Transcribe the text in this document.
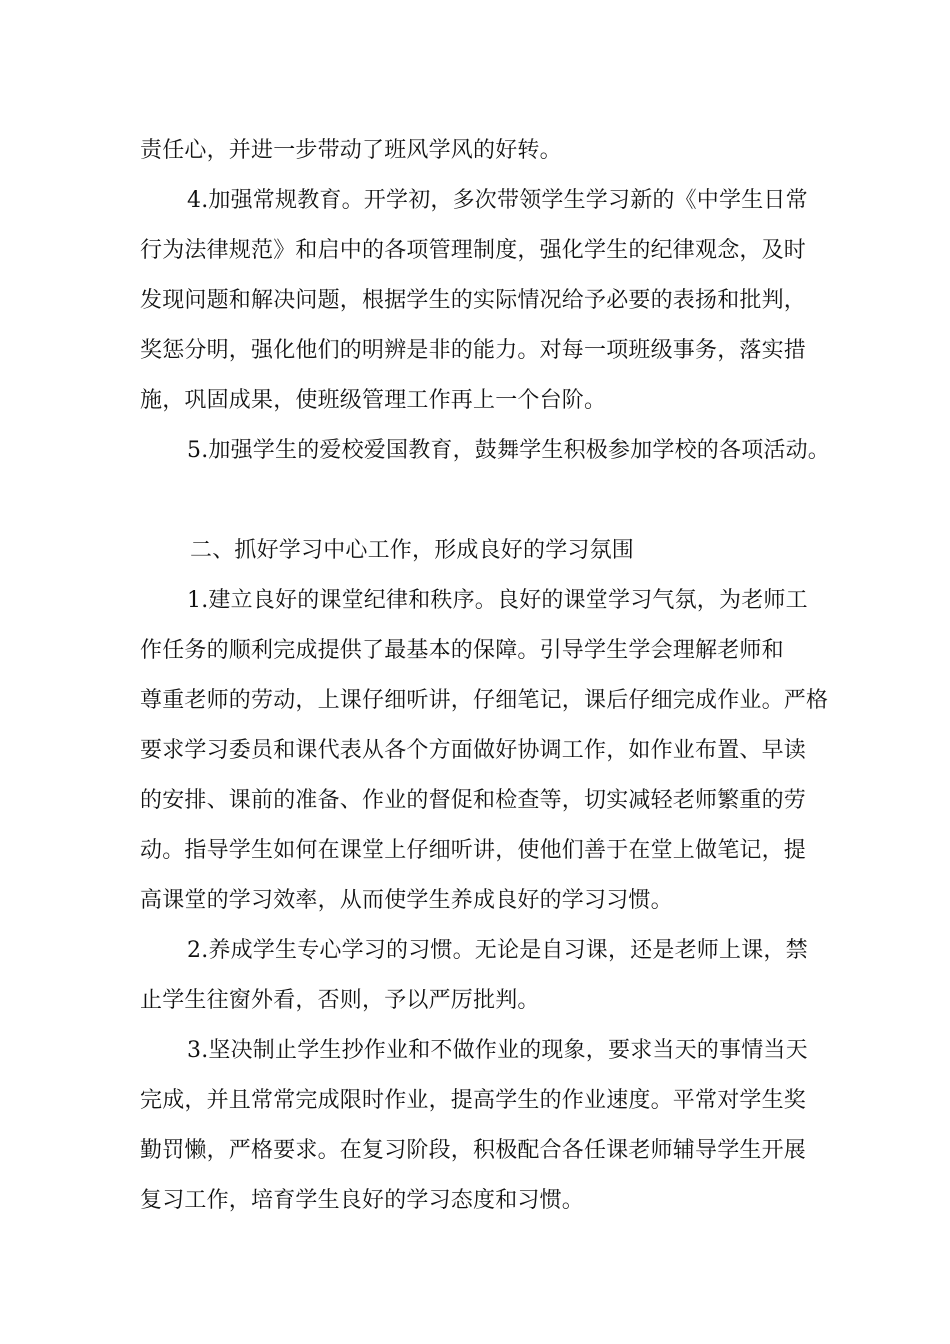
责任心，并进一步带动了班风学风的好转。
4.加强常规教育。开学初，多次带领学生学习新的《中学生日常
行为法律规范》和启中的各项管理制度，强化学生的纪律观念，及时
发现问题和解决问题，根据学生的实际情况给予必要的表扬和批判，
奖惩分明，强化他们的明辨是非的能力。对每一项班级事务，落实措
施，巩固成果，使班级管理工作再上一个台阶。
5.加强学生的爱校爱国教育，鼓舞学生积极参加学校的各项活动。
二、抓好学习中心工作，形成良好的学习氛围
1.建立良好的课堂纪律和秩序。良好的课堂学习气氛，为老师工
作任务的顺利完成提供了最基本的保障。引导学生学会理解老师和
尊重老师的劳动，上课仔细听讲，仔细笔记，课后仔细完成作业。严格
要求学习委员和课代表从各个方面做好协调工作，如作业布置、早读
的安排、课前的准备、作业的督促和检查等，切实减轻老师繁重的劳
动。指导学生如何在课堂上仔细听讲，使他们善于在堂上做笔记，提
高课堂的学习效率，从而使学生养成良好的学习习惯。
2.养成学生专心学习的习惯。无论是自习课，还是老师上课，禁
止学生往窗外看，否则，予以严厉批判。
3.坚决制止学生抄作业和不做作业的现象，要求当天的事情当天
完成，并且常常完成限时作业，提高学生的作业速度。平常对学生奖
勤罚懒，严格要求。在复习阶段，积极配合各任课老师辅导学生开展
复习工作，培育学生良好的学习态度和习惯。
